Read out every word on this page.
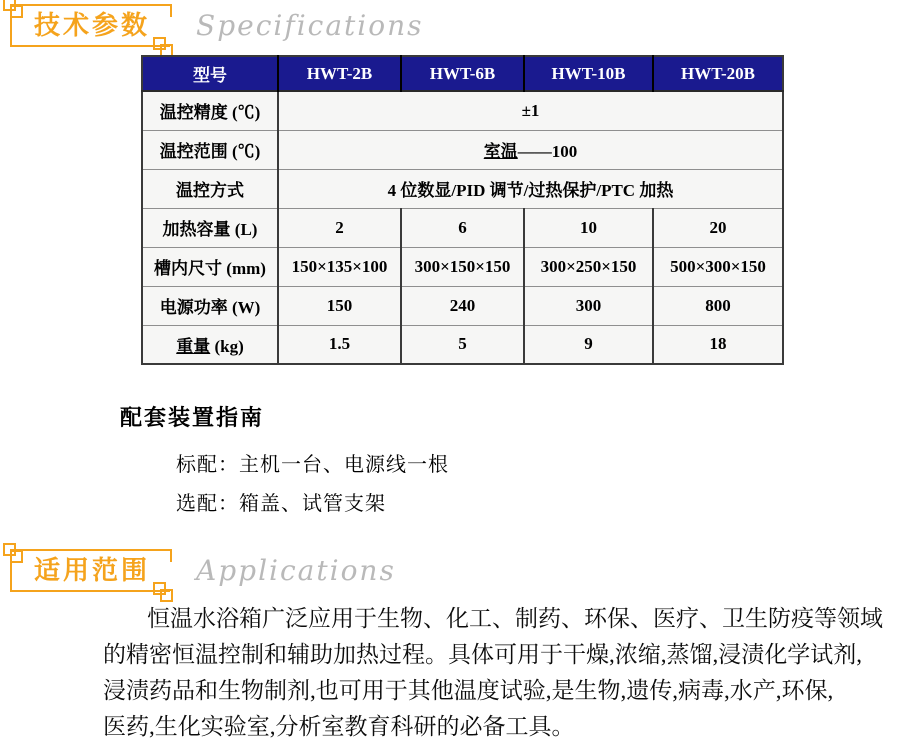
技术参数	Specifications
型号	HWT-2B	HWT-6B	HWT-10B	HWT-20B
温控精度 (℃)	±1			
温控范围 (℃)	室温——100			
温控方式	4 位数显/PID 调节/过热保护/PTC 加热			
加热容量 (L)	2	6	10	20
槽内尺寸 (mm)	150×135×100	300×150×150	300×250×150	500×300×150
电源功率 (W)	150	240	300	800
重量 (kg)	1.5	5	9	18
配套装置指南
标配：主机一台、电源线一根
选配：箱盖、试管支架
适用范围	Applications
恒温水浴箱广泛应用于生物、化工、制药、环保、医疗、卫生防疫等领域
的精密恒温控制和辅助加热过程。具体可用于干燥,浓缩,蒸馏,浸渍化学试剂,
浸渍药品和生物制剂,也可用于其他温度试验,是生物,遗传,病毒,水产,环保,
医药,生化实验室,分析室教育科研的必备工具。
